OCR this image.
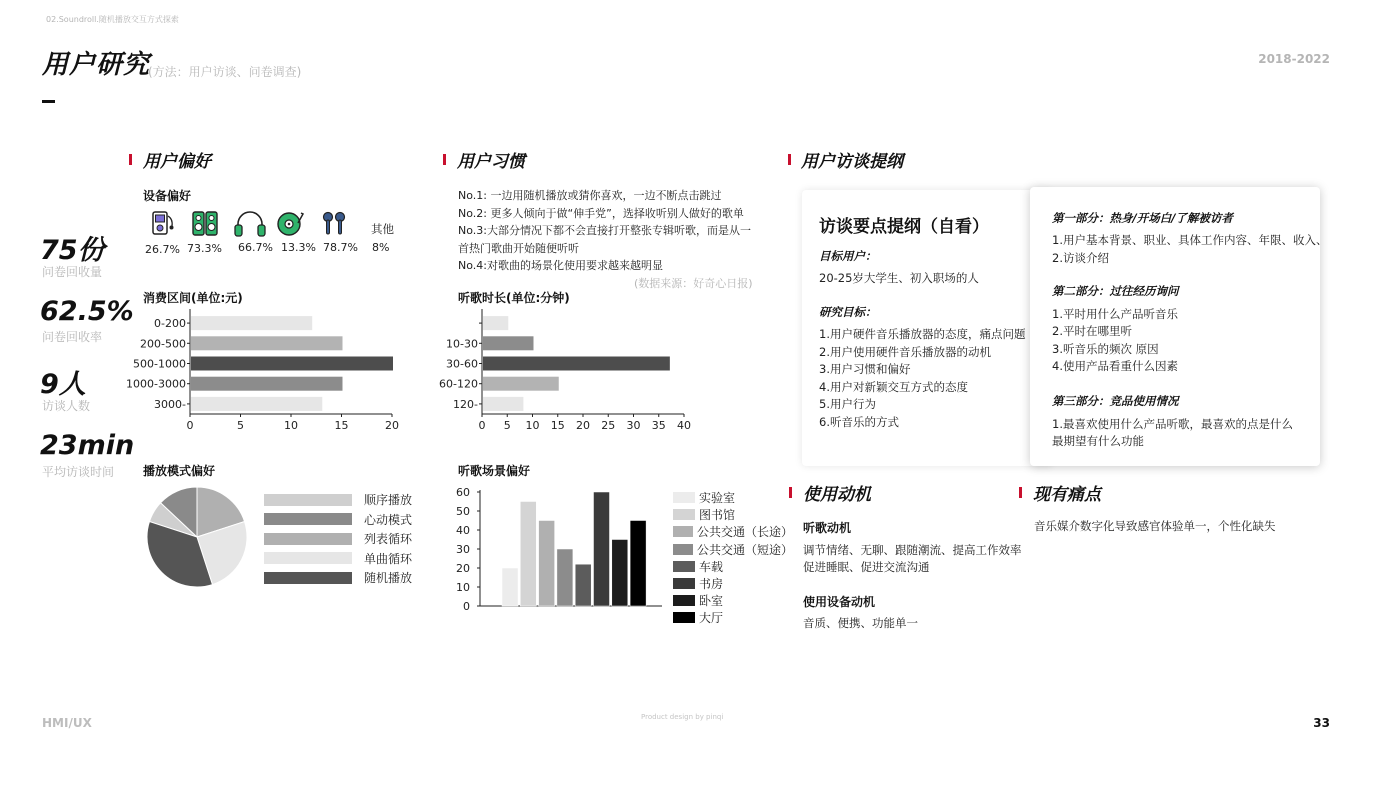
02.Soundroll.随机播放交互方式探索
用户研究
(方法：用户访谈、问卷调查)
2018-2022
75份
问卷回收量
62.5%
问卷回收率
9人
访谈人数
23min
平均访谈时间
用户偏好
设备偏好
其他
26.7% 73.3% 66.7% 13.3% 78.7% 8%
消费区间(单位:元)
0-200
200-500
500-1000
1000-3000
3000-
0	5	10	15	20
播放模式偏好
顺序播放
心动模式
列表循环
单曲循环
随机播放
用户习惯
No.1: 一边用随机播放或猜你喜欢，一边不断点击跳过
No.2: 更多人倾向于做“伸手党”，选择收听别人做好的歌单
No.3:大部分情况下都不会直接打开整张专辑听歌，而是从一
首热门歌曲开始随便听听
No.4:对歌曲的场景化使用要求越来越明显
(数据来源：好奇心日报)
听歌时长(单位:分钟)
10-30
30-60
60-120
120-
0 5 10 15 20 25 30 35 40
听歌场景偏好
0
10
20
30
40
50
60	实验室
图书馆
公共交通（长途）
公共交通（短途）
车载
书房
卧室
大厅
用户访谈提纲
访谈要点提纲（自看）
目标用户：
20-25岁大学生、初入职场的人
研究目标：
1.用户硬件音乐播放器的态度，痛点问题
2.用户使用硬件音乐播放器的动机
3.用户习惯和偏好
4.用户对新颖交互方式的态度
5.用户行为
6.听音乐的方式
第一部分：热身/开场白/了解被访者
1.用户基本背景、职业、具体工作内容、年限、收入、
2.访谈介绍
第二部分：过往经历询问
1.平时用什么产品听音乐
2.平时在哪里听
3.听音乐的频次 原因
4.使用产品看重什么因素
第三部分：竞品使用情况
1.最喜欢使用什么产品听歌，最喜欢的点是什么
最期望有什么功能
使用动机
听歌动机
调节情绪、无聊、跟随潮流、提高工作效率
促进睡眠、促进交流沟通
使用设备动机
音质、便携、功能单一
现有痛点
音乐媒介数字化导致感官体验单一，个性化缺失
HMI/UX	Product design by pinqi	33
